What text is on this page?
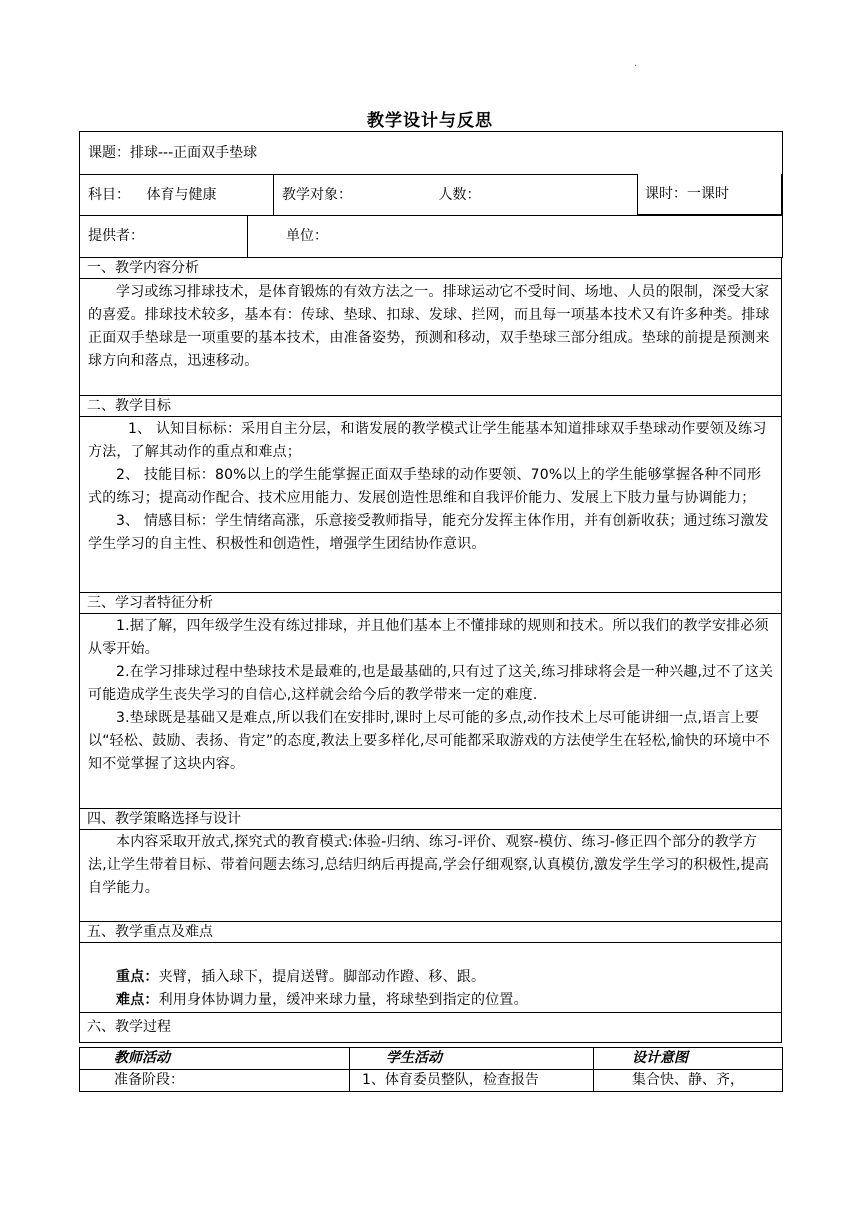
.
教学设计与反思
课题：排球---正面双手垫球
科目： 体育与健康	教学对象：	人数：		课时：一课时
提供者：	单位：
一、教学内容分析

学习或练习排球技术，是体育锻炼的有效方法之一。排球运动它不受时间、场地、人员的限制，深受大家的喜爱。排球技术较多，基本有：传球、垫球、扣球、发球、拦网，而且每一项基本技术又有许多种类。排球正面双手垫球是一项重要的基本技术，由准备姿势，预测和移动，双手垫球三部分组成。垫球的前提是预测来球方向和落点，迅速移动。

二、教学目标

1、 认知目标标：采用自主分层，和谐发展的教学模式让学生能基本知道排球双手垫球动作要领及练习方法，了解其动作的重点和难点；

2、 技能目标：80%以上的学生能掌握正面双手垫球的动作要领、70%以上的学生能够掌握各种不同形式的练习；提高动作配合、技术应用能力、发展创造性思维和自我评价能力、发展上下肢力量与协调能力；

3、 情感目标：学生情绪高涨，乐意接受教师指导，能充分发挥主体作用，并有创新收获；通过练习激发学生学习的自主性、积极性和创造性，增强学生团结协作意识。

三、学习者特征分析

1.据了解，四年级学生没有练过排球，并且他们基本上不懂排球的规则和技术。所以我们的教学安排必须从零开始。

2.在学习排球过程中垫球技术是最难的,也是最基础的,只有过了这关,练习排球将会是一种兴趣,过不了这关可能造成学生丧失学习的自信心,这样就会给今后的教学带来一定的难度.

3.垫球既是基础又是难点,所以我们在安排时,课时上尽可能的多点,动作技术上尽可能讲细一点,语言上要以“轻松、鼓励、表扬、肯定”的态度,教法上要多样化,尽可能都采取游戏的方法使学生在轻松,愉快的环境中不知不觉掌握了这块内容。

四、教学策略选择与设计

本内容采取开放式,探究式的教育模式:体验-归纳、练习-评价、观察-模仿、练习-修正四个部分的教学方法,让学生带着目标、带着问题去练习,总结归纳后再提高,学会仔细观察,认真模仿,激发学生学习的积极性,提高自学能力。

五、教学重点及难点

重点：夹臂，插入球下，提肩送臂。脚部动作蹬、移、跟。

难点：利用身体协调力量，缓冲来球力量，将球垫到指定的位置。

六、教学过程
教师活动	学生活动	设计意图
准备阶段：	1、体育委员整队，检查报告	集合快、静、齐，
